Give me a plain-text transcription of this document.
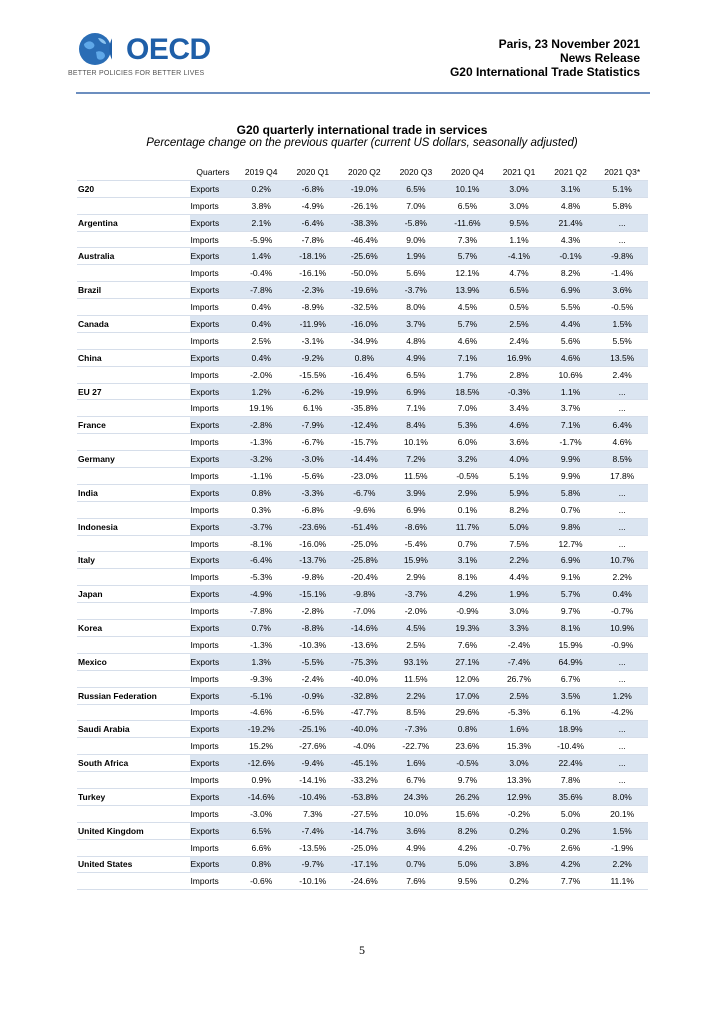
OECD
BETTER POLICIES FOR BETTER LIVES
Paris, 23 November 2021
News Release
G20 International Trade Statistics
G20 quarterly international trade in services
Percentage change on the previous quarter (current US dollars, seasonally adjusted)
	Quarters	2019 Q4	2020 Q1	2020 Q2	2020 Q3	2020 Q4	2021 Q1	2021 Q2	2021 Q3*
G20	Exports	0.2%	-6.8%	-19.0%	6.5%	10.1%	3.0%	3.1%	5.1%
	Imports	3.8%	-4.9%	-26.1%	7.0%	6.5%	3.0%	4.8%	5.8%
Argentina	Exports	2.1%	-6.4%	-38.3%	-5.8%	-11.6%	9.5%	21.4%	...
	Imports	-5.9%	-7.8%	-46.4%	9.0%	7.3%	1.1%	4.3%	...
Australia	Exports	1.4%	-18.1%	-25.6%	1.9%	5.7%	-4.1%	-0.1%	-9.8%
	Imports	-0.4%	-16.1%	-50.0%	5.6%	12.1%	4.7%	8.2%	-1.4%
Brazil	Exports	-7.8%	-2.3%	-19.6%	-3.7%	13.9%	6.5%	6.9%	3.6%
	Imports	0.4%	-8.9%	-32.5%	8.0%	4.5%	0.5%	5.5%	-0.5%
Canada	Exports	0.4%	-11.9%	-16.0%	3.7%	5.7%	2.5%	4.4%	1.5%
	Imports	2.5%	-3.1%	-34.9%	4.8%	4.6%	2.4%	5.6%	5.5%
China	Exports	0.4%	-9.2%	0.8%	4.9%	7.1%	16.9%	4.6%	13.5%
	Imports	-2.0%	-15.5%	-16.4%	6.5%	1.7%	2.8%	10.6%	2.4%
EU 27	Exports	1.2%	-6.2%	-19.9%	6.9%	18.5%	-0.3%	1.1%	...
	Imports	19.1%	6.1%	-35.8%	7.1%	7.0%	3.4%	3.7%	...
France	Exports	-2.8%	-7.9%	-12.4%	8.4%	5.3%	4.6%	7.1%	6.4%
	Imports	-1.3%	-6.7%	-15.7%	10.1%	6.0%	3.6%	-1.7%	4.6%
Germany	Exports	-3.2%	-3.0%	-14.4%	7.2%	3.2%	4.0%	9.9%	8.5%
	Imports	-1.1%	-5.6%	-23.0%	11.5%	-0.5%	5.1%	9.9%	17.8%
India	Exports	0.8%	-3.3%	-6.7%	3.9%	2.9%	5.9%	5.8%	...
	Imports	0.3%	-6.8%	-9.6%	6.9%	0.1%	8.2%	0.7%	...
Indonesia	Exports	-3.7%	-23.6%	-51.4%	-8.6%	11.7%	5.0%	9.8%	...
	Imports	-8.1%	-16.0%	-25.0%	-5.4%	0.7%	7.5%	12.7%	...
Italy	Exports	-6.4%	-13.7%	-25.8%	15.9%	3.1%	2.2%	6.9%	10.7%
	Imports	-5.3%	-9.8%	-20.4%	2.9%	8.1%	4.4%	9.1%	2.2%
Japan	Exports	-4.9%	-15.1%	-9.8%	-3.7%	4.2%	1.9%	5.7%	0.4%
	Imports	-7.8%	-2.8%	-7.0%	-2.0%	-0.9%	3.0%	9.7%	-0.7%
Korea	Exports	0.7%	-8.8%	-14.6%	4.5%	19.3%	3.3%	8.1%	10.9%
	Imports	-1.3%	-10.3%	-13.6%	2.5%	7.6%	-2.4%	15.9%	-0.9%
Mexico	Exports	1.3%	-5.5%	-75.3%	93.1%	27.1%	-7.4%	64.9%	...
	Imports	-9.3%	-2.4%	-40.0%	11.5%	12.0%	26.7%	6.7%	...
Russian Federation	Exports	-5.1%	-0.9%	-32.8%	2.2%	17.0%	2.5%	3.5%	1.2%
	Imports	-4.6%	-6.5%	-47.7%	8.5%	29.6%	-5.3%	6.1%	-4.2%
Saudi Arabia	Exports	-19.2%	-25.1%	-40.0%	-7.3%	0.8%	1.6%	18.9%	...
	Imports	15.2%	-27.6%	-4.0%	-22.7%	23.6%	15.3%	-10.4%	...
South Africa	Exports	-12.6%	-9.4%	-45.1%	1.6%	-0.5%	3.0%	22.4%	...
	Imports	0.9%	-14.1%	-33.2%	6.7%	9.7%	13.3%	7.8%	...
Turkey	Exports	-14.6%	-10.4%	-53.8%	24.3%	26.2%	12.9%	35.6%	8.0%
	Imports	-3.0%	7.3%	-27.5%	10.0%	15.6%	-0.2%	5.0%	20.1%
United Kingdom	Exports	6.5%	-7.4%	-14.7%	3.6%	8.2%	0.2%	0.2%	1.5%
	Imports	6.6%	-13.5%	-25.0%	4.9%	4.2%	-0.7%	2.6%	-1.9%
United States	Exports	0.8%	-9.7%	-17.1%	0.7%	5.0%	3.8%	4.2%	2.2%
	Imports	-0.6%	-10.1%	-24.6%	7.6%	9.5%	0.2%	7.7%	11.1%
5
